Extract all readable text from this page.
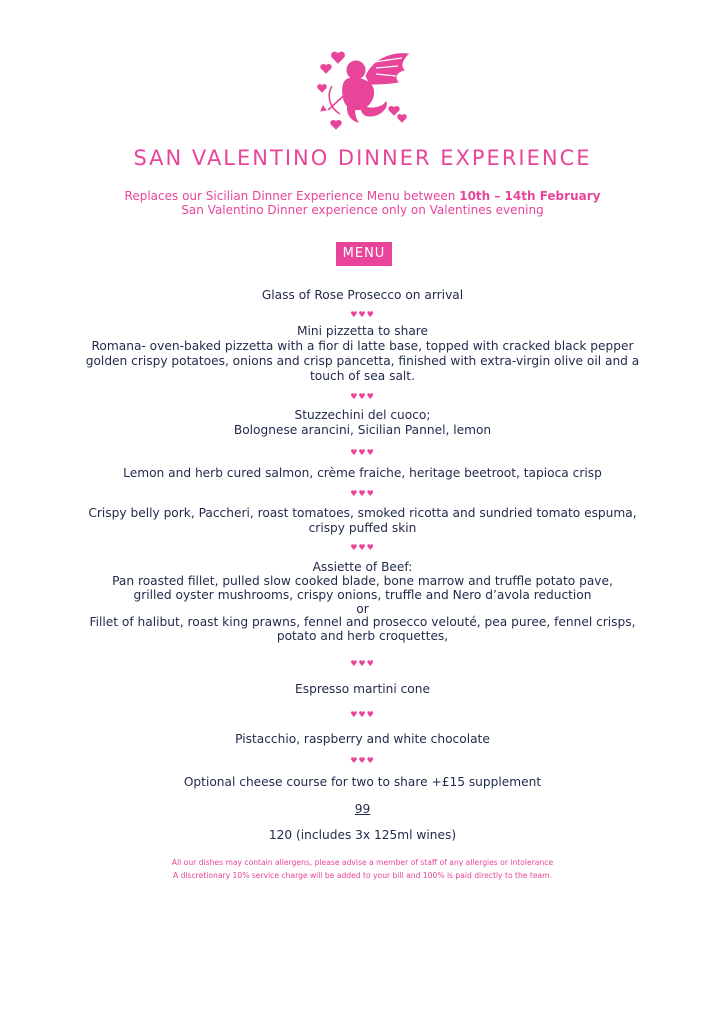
SAN VALENTINO DINNER EXPERIENCE
Replaces our Sicilian Dinner Experience Menu between 10th – 14th February
San Valentino Dinner experience only on Valentines evening
MENU
Glass of Rose Prosecco on arrival
♥♥♥
Mini pizzetta to share
Romana- oven-baked pizzetta with a fior di latte base, topped with cracked black pepper
golden crispy potatoes, onions and crisp pancetta, finished with extra-virgin olive oil and a
touch of sea salt.
♥♥♥
Stuzzechini del cuoco;
Bolognese arancini, Sicilian Pannel, lemon
♥♥♥
Lemon and herb cured salmon, crème fraiche, heritage beetroot, tapioca crisp
♥♥♥
Crispy belly pork, Paccheri, roast tomatoes, smoked ricotta and sundried tomato espuma,
crispy puffed skin
♥♥♥
Assiette of Beef:
Pan roasted fillet, pulled slow cooked blade, bone marrow and truffle potato pave,
grilled oyster mushrooms, crispy onions, truffle and Nero d’avola reduction
or
Fillet of halibut, roast king prawns, fennel and prosecco velouté, pea puree, fennel crisps,
potato and herb croquettes,
♥♥♥
Espresso martini cone
♥♥♥
Pistacchio, raspberry and white chocolate
♥♥♥
Optional cheese course for two to share +£15 supplement
99
120 (includes 3x 125ml wines)
All our dishes may contain allergens, please advise a member of staff of any allergies or intolerance
A discretionary 10% service charge will be added to your bill and 100% is paid directly to the team.
